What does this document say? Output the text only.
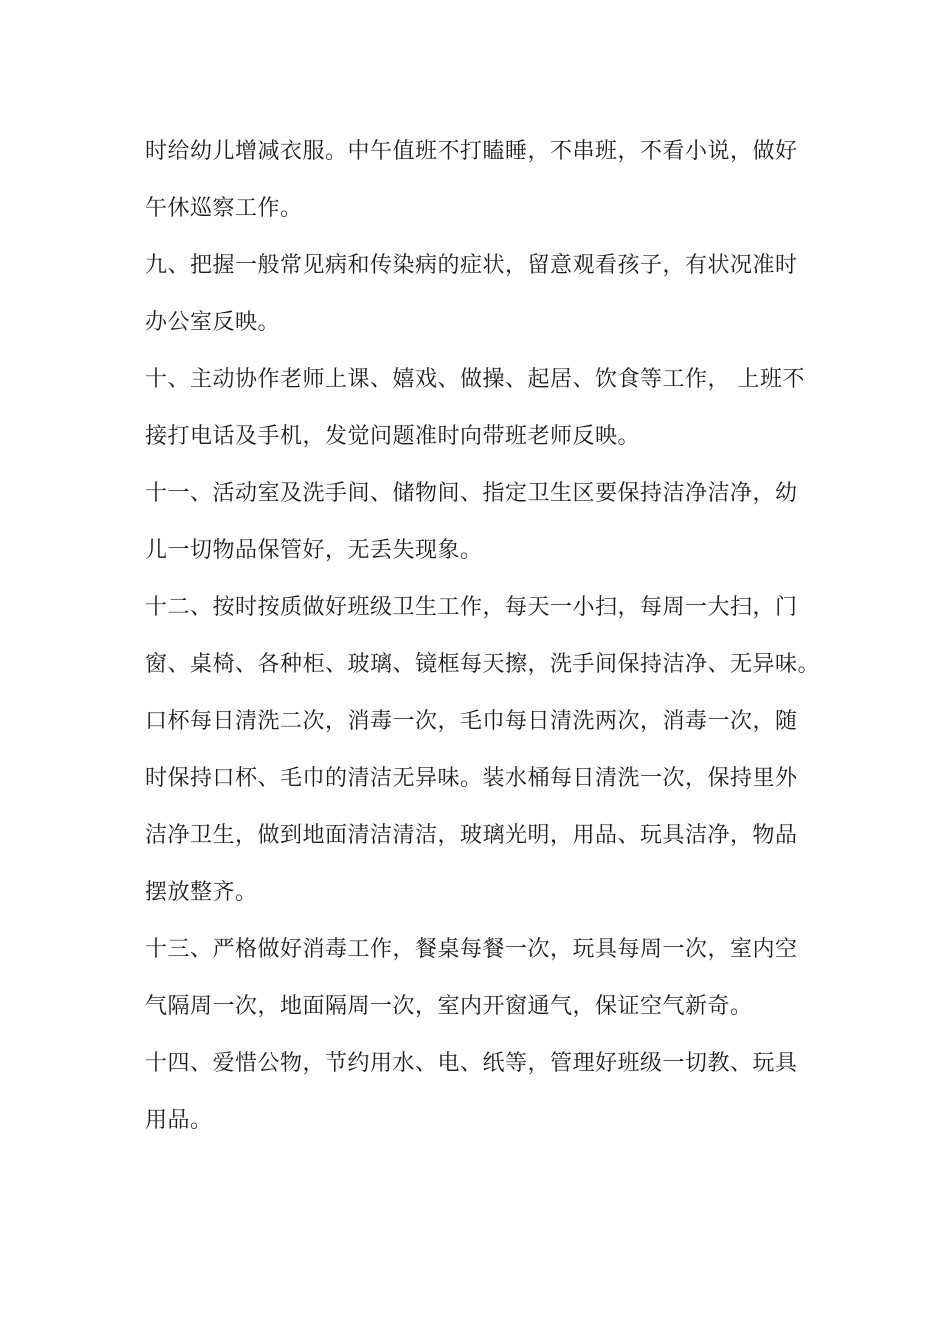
时给幼儿增减衣服。中午值班不打瞌睡，不串班，不看小说，做好
午休巡察工作。
九、把握一般常见病和传染病的症状，留意观看孩子，有状况准时
办公室反映。
十、主动协作老师上课、嬉戏、做操、起居、饮食等工作， 上班不
接打电话及手机，发觉问题准时向带班老师反映。
十一、活动室及洗手间、储物间、指定卫生区要保持洁净洁净，幼
儿一切物品保管好，无丢失现象。
十二、按时按质做好班级卫生工作，每天一小扫，每周一大扫，门
窗、桌椅、各种柜、玻璃、镜框每天擦，洗手间保持洁净、无异味。
口杯每日清洗二次，消毒一次，毛巾每日清洗两次，消毒一次，随
时保持口杯、毛巾的清洁无异味。装水桶每日清洗一次，保持里外
洁净卫生，做到地面清洁清洁，玻璃光明，用品、玩具洁净，物品
摆放整齐。
十三、严格做好消毒工作，餐桌每餐一次，玩具每周一次，室内空
气隔周一次，地面隔周一次，室内开窗通气，保证空气新奇。
十四、爱惜公物，节约用水、电、纸等，管理好班级一切教、玩具
用品。
